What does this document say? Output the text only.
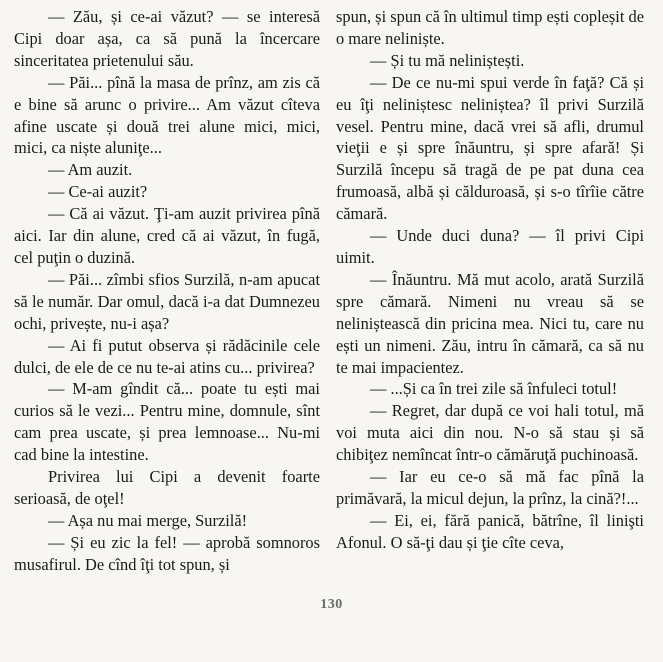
— Zău, și ce-ai văzut? — se interesă Cipi doar așa, ca să pună la încercare sinceritatea prietenului său.

— Păi... pînă la masa de prînz, am zis că e bine să arunc o privire... Am văzut cîteva afine uscate și două trei alune mici, mici, mici, ca niște aluniţe...

— Am auzit.

— Ce-ai auzit?

— Că ai văzut. Ţi-am auzit privirea pînă aici. Iar din alune, cred că ai văzut, în fugă, cel puţin o duzină.

— Păi... zîmbi sfios Surzilă, n-am apucat să le număr. Dar omul, dacă i-a dat Dumnezeu ochi, privește, nu-i așa?

— Ai fi putut observa și rădăcinile cele dulci, de ele de ce nu te-ai atins cu... privirea?

— M-am gîndit că... poate tu ești mai curios să le vezi... Pentru mine, domnule, sînt cam prea uscate, și prea lemnoase... Nu-mi cad bine la intestine.

Privirea lui Cipi a devenit foarte serioasă, de oţel!

— Așa nu mai merge, Surzilă!

— Și eu zic la fel! — aprobă somnoros musafirul. De cînd îţi tot spun, și

spun, și spun că în ultimul timp ești copleșit de o mare neliniște.

— Și tu mă neliniștești.

— De ce nu-mi spui verde în faţă? Că și eu îţi neliniștesc neliniștea? îl privi Surzilă vesel. Pentru mine, dacă vrei să afli, drumul vieţii e și spre înăuntru, și spre afară! Și Surzilă începu să tragă de pe pat duna cea frumoasă, albă și călduroasă, și s-o tîrîie către cămară.

— Unde duci duna? — îl privi Cipi uimit.

— Înăuntru. Mă mut acolo, arată Surzilă spre cămară. Nimeni nu vreau să se neliniștească din pricina mea. Nici tu, care nu ești un nimeni. Zău, intru în cămară, ca să nu te mai impacientez.

— ...Și ca în trei zile să înfuleci totul!

— Regret, dar după ce voi hali totul, mă voi muta aici din nou. N-o să stau și să chibiţez nemîncat într-o cămăruţă puchinoasă.

— Iar eu ce-o să mă fac pînă la primăvară, la micul dejun, la prînz, la cină?!...

— Ei, ei, fără panică, bătrîne, îl linişti Afonul. O să-ţi dau și ţie cîte ceva,

130
